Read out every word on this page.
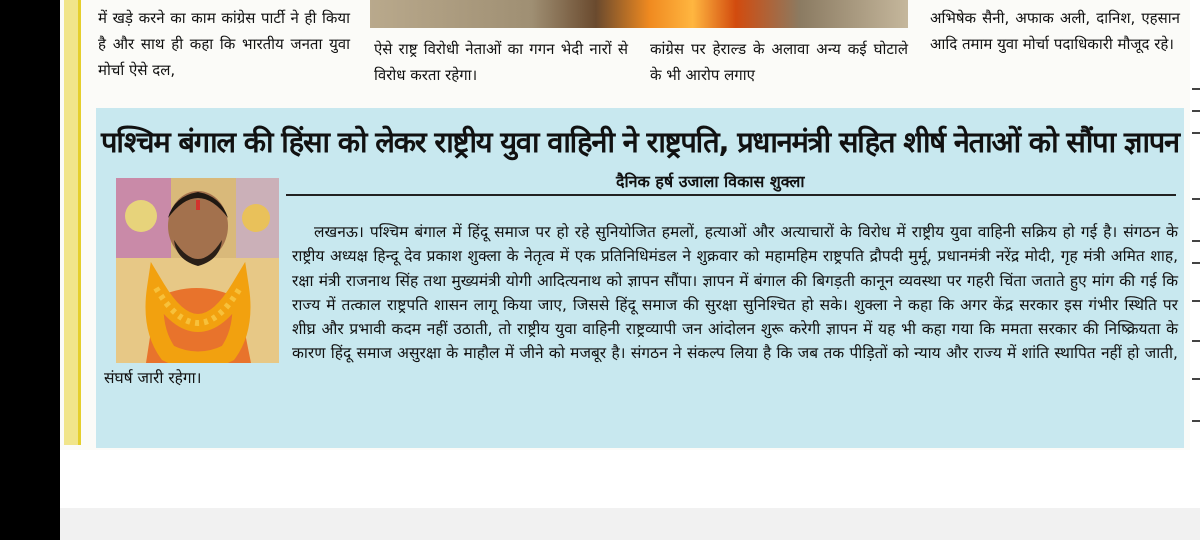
में खड़े करने का काम कांग्रेस पार्टी ने ही किया है और साथ ही कहा कि भारतीय जनता युवा मोर्चा ऐसे दल,

ऐसे राष्ट्र विरोधी नेताओं का गगन भेदी नारों से विरोध करता रहेगा।

कांग्रेस पर हेराल्ड के अलावा अन्य कई घोटाले के भी आरोप लगाए

अभिषेक सैनी, अफाक अली, दानिश, एहसान आदि तमाम युवा मोर्चा पदाधिकारी मौजूद रहे।

पश्चिम बंगाल की हिंसा को लेकर राष्ट्रीय युवा वाहिनी ने राष्ट्रपति, प्रधानमंत्री सहित शीर्ष नेताओं को सौंपा ज्ञापन
दैनिक हर्ष उजाला विकास शुक्ला

लखनऊ। पश्चिम बंगाल में हिंदू समाज पर हो रहे सुनियोजित हमलों, हत्याओं और अत्याचारों के विरोध में राष्ट्रीय युवा वाहिनी सक्रिय हो गई है। संगठन के राष्ट्रीय अध्यक्ष हिन्दू देव प्रकाश शुक्ला के नेतृत्व में एक प्रतिनिधिमंडल ने शुक्रवार को महामहिम राष्ट्रपति द्रौपदी मुर्मू, प्रधानमंत्री नरेंद्र मोदी, गृह मंत्री अमित शाह, रक्षा मंत्री राजनाथ सिंह तथा मुख्यमंत्री योगी आदित्यनाथ को ज्ञापन सौंपा। ज्ञापन में बंगाल की बिगड़ती कानून व्यवस्था पर गहरी चिंता जताते हुए मांग की गई कि राज्य में तत्काल राष्ट्रपति शासन लागू किया जाए, जिससे हिंदू समाज की सुरक्षा सुनिश्चित हो सके। शुक्ला ने कहा कि अगर केंद्र सरकार इस गंभीर स्थिति पर शीघ्र और प्रभावी कदम नहीं उठाती, तो राष्ट्रीय युवा वाहिनी राष्ट्रव्यापी जन आंदोलन शुरू करेगी ज्ञापन में यह भी कहा गया कि ममता सरकार की निष्क्रियता के कारण हिंदू समाज असुरक्षा के माहौल में जीने को मजबूर है। संगठन ने संकल्प लिया है कि जब तक पीड़ितों को न्याय और राज्य में शांति स्थापित नहीं हो जाती, संघर्ष जारी रहेगा।
